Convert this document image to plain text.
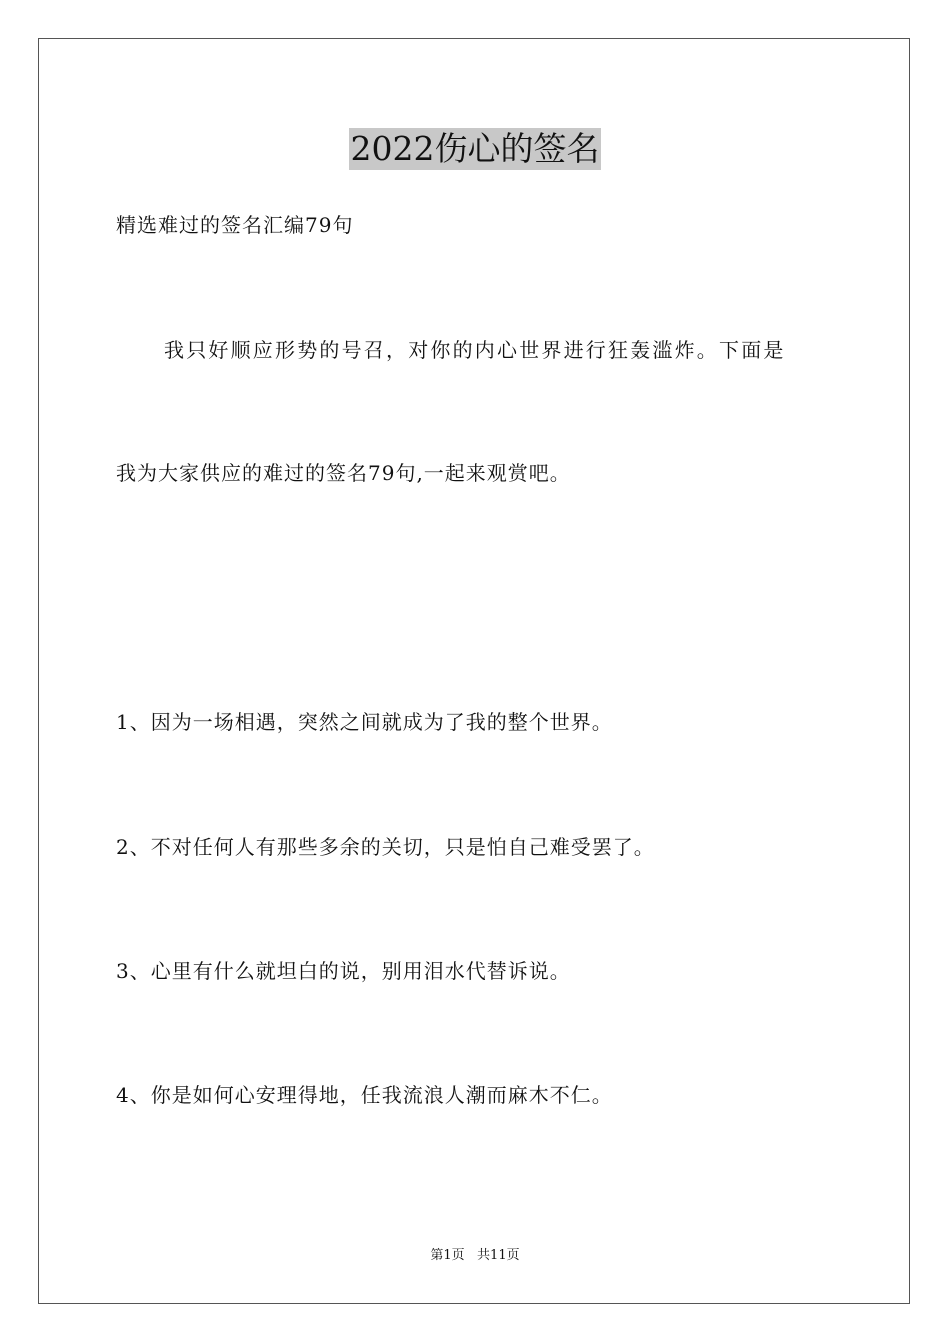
2022伤心的签名
精选难过的签名汇编79句
我只好顺应形势的号召，对你的内心世界进行狂轰滥炸。下面是
我为大家供应的难过的签名79句,一起来观赏吧。
1、因为一场相遇，突然之间就成为了我的整个世界。
2、不对任何人有那些多余的关切，只是怕自己难受罢了。
3、心里有什么就坦白的说，别用泪水代替诉说。
4、你是如何心安理得地，任我流浪人潮而麻木不仁。
第1页   共11页
